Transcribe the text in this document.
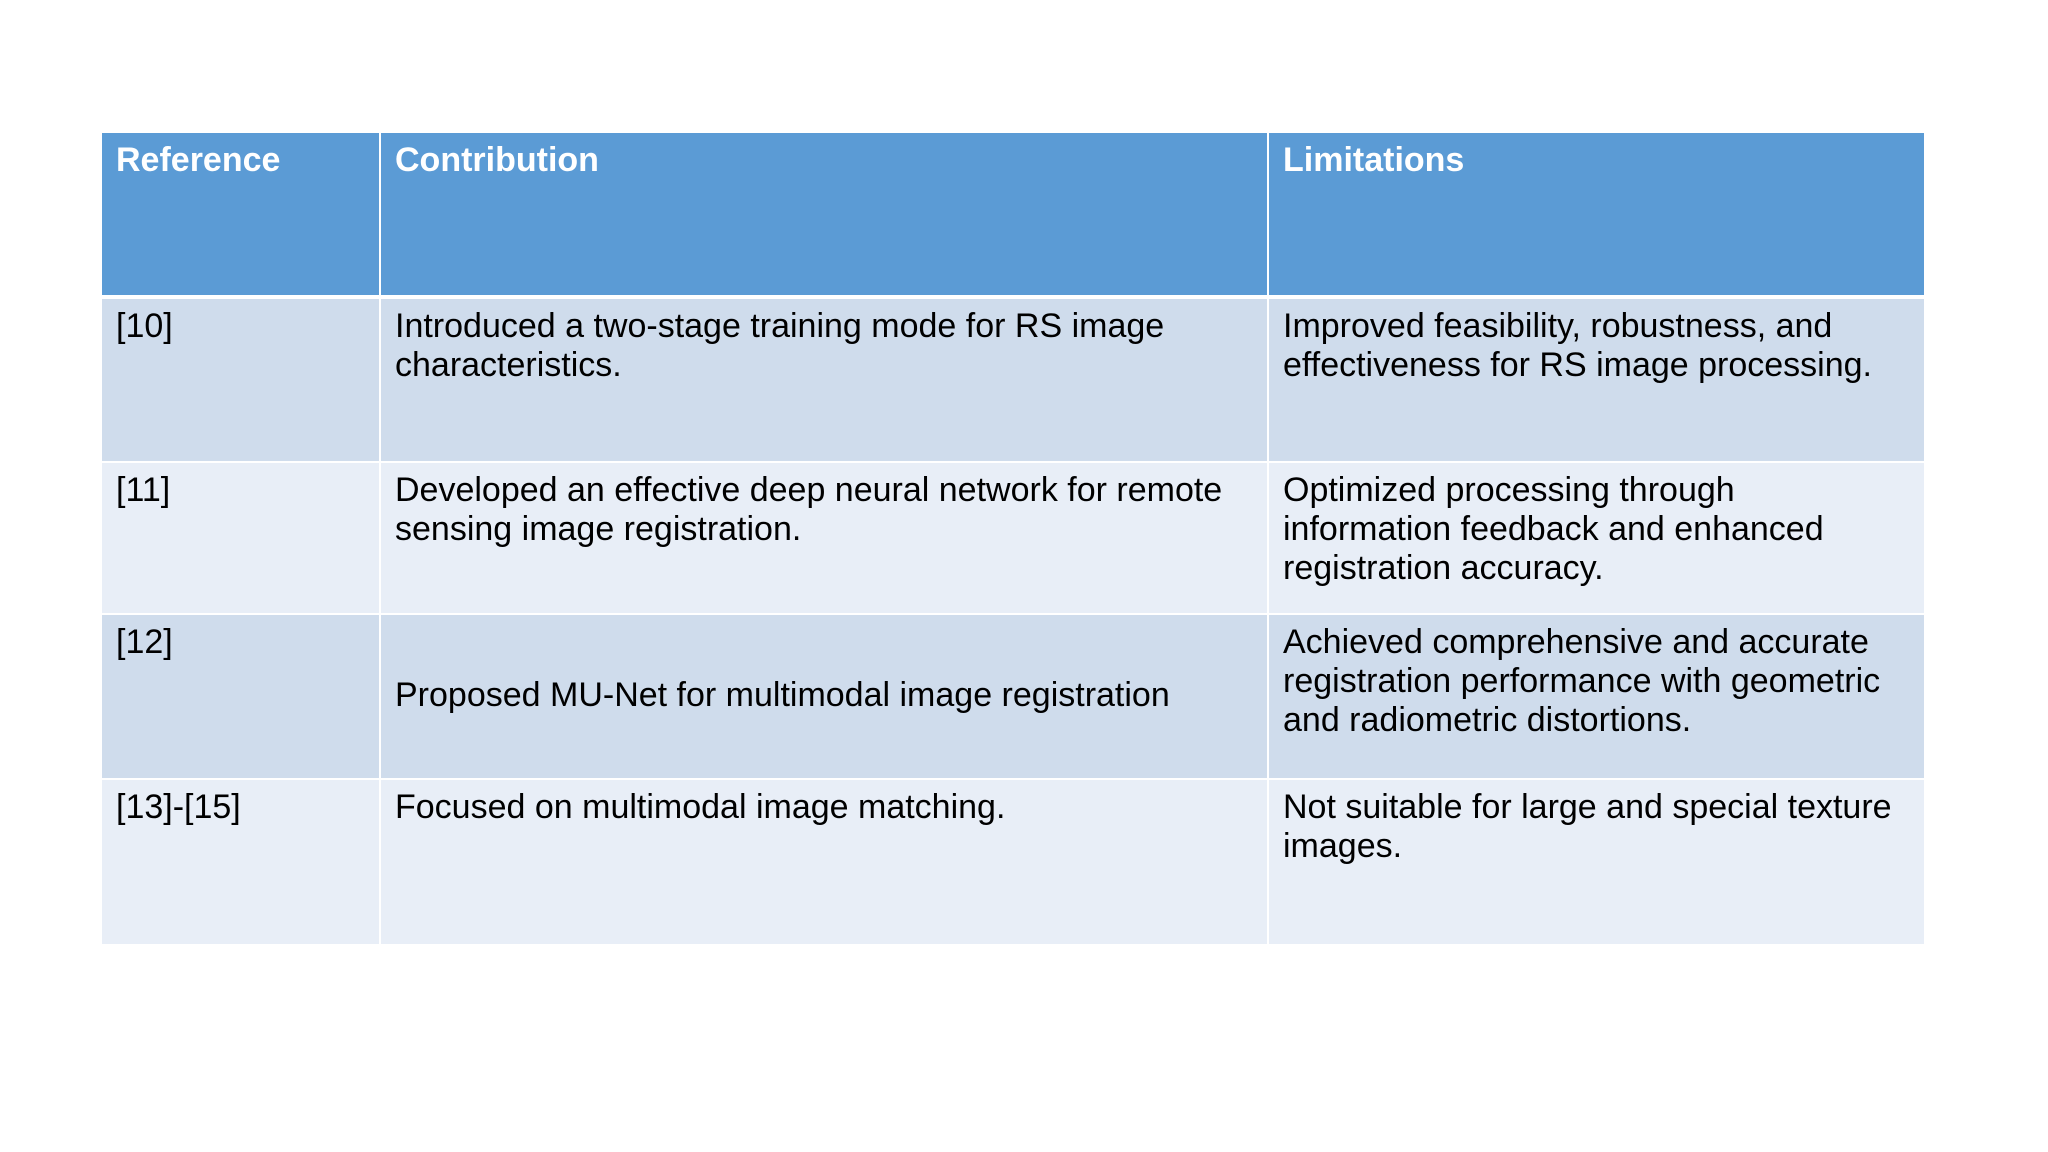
Reference	Contribution	Limitations
[10]	Introduced a two-stage training mode for RS image characteristics.	Improved feasibility, robustness, and effectiveness for RS image processing.
[11]	Developed an effective deep neural network for remote sensing image registration.	Optimized processing through information feedback and enhanced registration accuracy.
[12]	Proposed MU-Net for multimodal image registration	Achieved comprehensive and accurate registration performance with geometric and radiometric distortions.
[13]-[15]	Focused on multimodal image matching.	Not suitable for large and special texture images.
